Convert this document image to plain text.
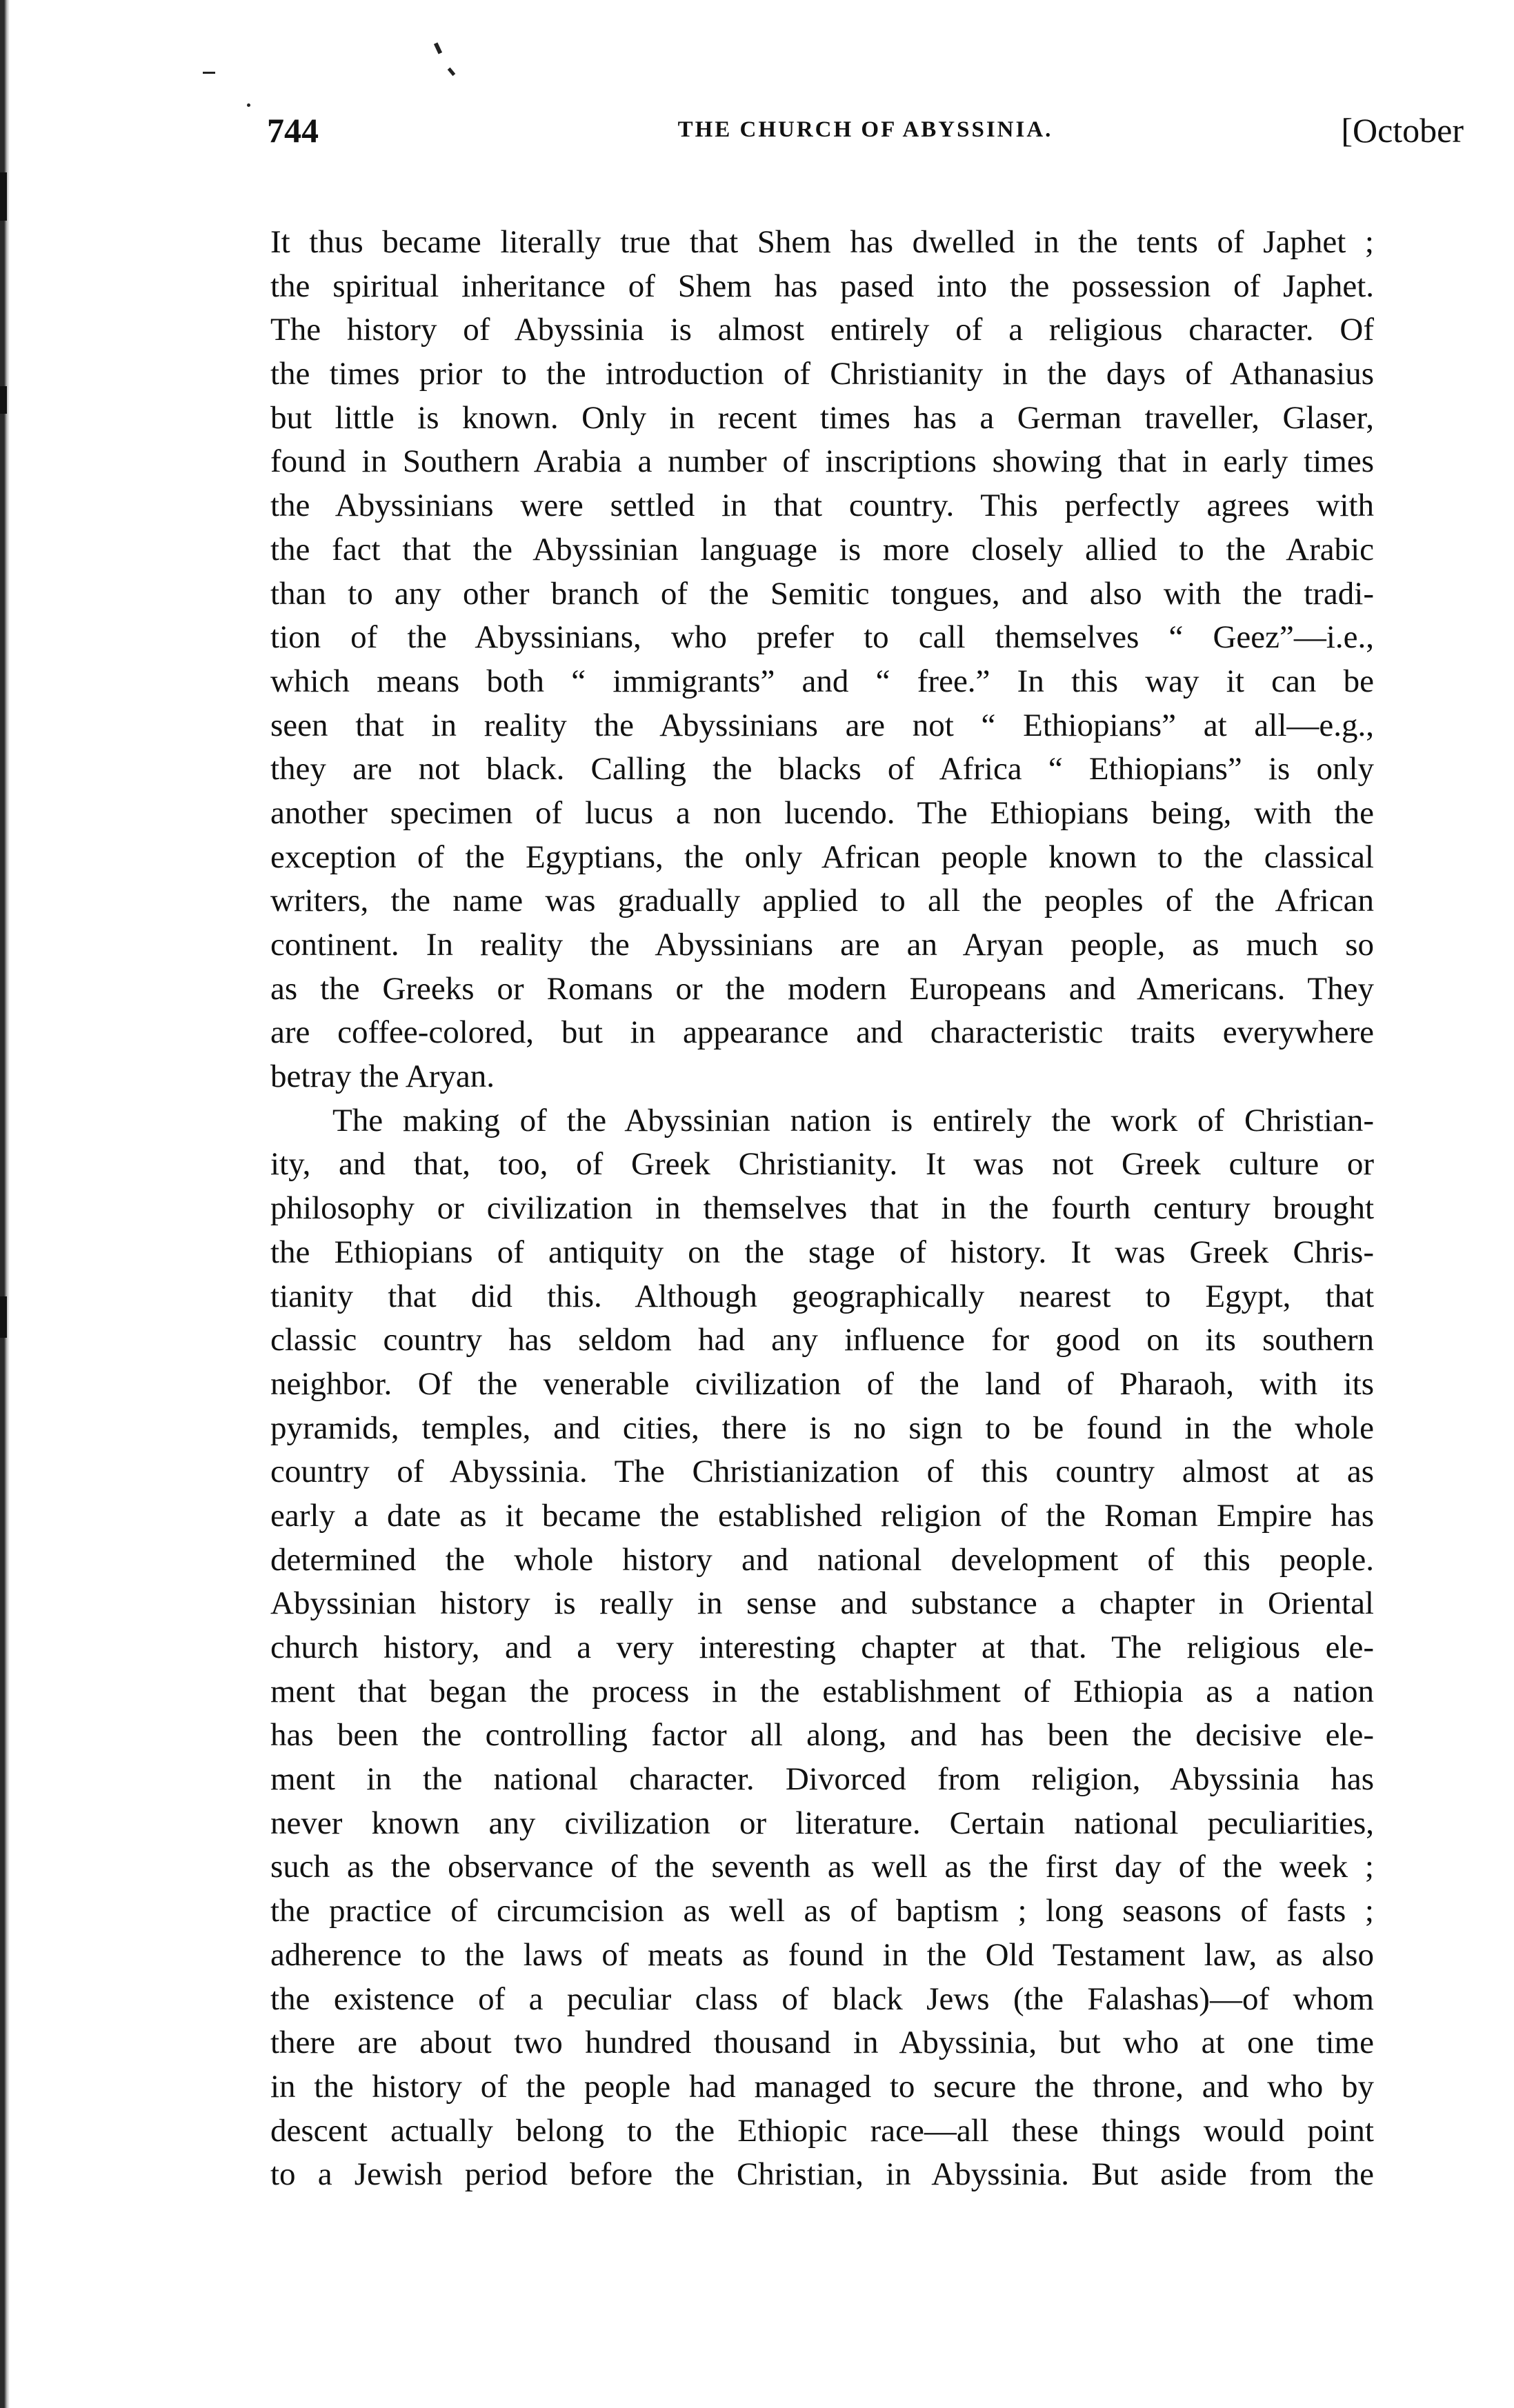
744	THE CHURCH OF ABYSSINIA.	[October
It thus became literally true that Shem has dwelled in the tents of Japhet ;
the spiritual inheritance of Shem has pased into the possession of Japhet.
The history of Abyssinia is almost entirely of a religious character. Of
the times prior to the introduction of Christianity in the days of Athanasius
but little is known. Only in recent times has a German traveller, Glaser,
found in Southern Arabia a number of inscriptions showing that in early times
the Abyssinians were settled in that country. This perfectly agrees with
the fact that the Abyssinian language is more closely allied to the Arabic
than to any other branch of the Semitic tongues, and also with the tradi-
tion of the Abyssinians, who prefer to call themselves “ Geez”—i.e.,
which means both “ immigrants” and “ free.” In this way it can be
seen that in reality the Abyssinians are not “ Ethiopians” at all—e.g.,
they are not black. Calling the blacks of Africa “ Ethiopians” is only
another specimen of lucus a non lucendo. The Ethiopians being, with the
exception of the Egyptians, the only African people known to the classical
writers, the name was gradually applied to all the peoples of the African
continent. In reality the Abyssinians are an Aryan people, as much so
as the Greeks or Romans or the modern Europeans and Americans. They
are coffee-colored, but in appearance and characteristic traits everywhere
betray the Aryan.
The making of the Abyssinian nation is entirely the work of Christian-
ity, and that, too, of Greek Christianity. It was not Greek culture or
philosophy or civilization in themselves that in the fourth century brought
the Ethiopians of antiquity on the stage of history. It was Greek Chris-
tianity that did this. Although geographically nearest to Egypt, that
classic country has seldom had any influence for good on its southern
neighbor. Of the venerable civilization of the land of Pharaoh, with its
pyramids, temples, and cities, there is no sign to be found in the whole
country of Abyssinia. The Christianization of this country almost at as
early a date as it became the established religion of the Roman Empire has
determined the whole history and national development of this people.
Abyssinian history is really in sense and substance a chapter in Oriental
church history, and a very interesting chapter at that. The religious ele-
ment that began the process in the establishment of Ethiopia as a nation
has been the controlling factor all along, and has been the decisive ele-
ment in the national character. Divorced from religion, Abyssinia has
never known any civilization or literature. Certain national peculiarities,
such as the observance of the seventh as well as the first day of the week ;
the practice of circumcision as well as of baptism ; long seasons of fasts ;
adherence to the laws of meats as found in the Old Testament law, as also
the existence of a peculiar class of black Jews (the Falashas)—of whom
there are about two hundred thousand in Abyssinia, but who at one time
in the history of the people had managed to secure the throne, and who by
descent actually belong to the Ethiopic race—all these things would point
to a Jewish period before the Christian, in Abyssinia. But aside from the
